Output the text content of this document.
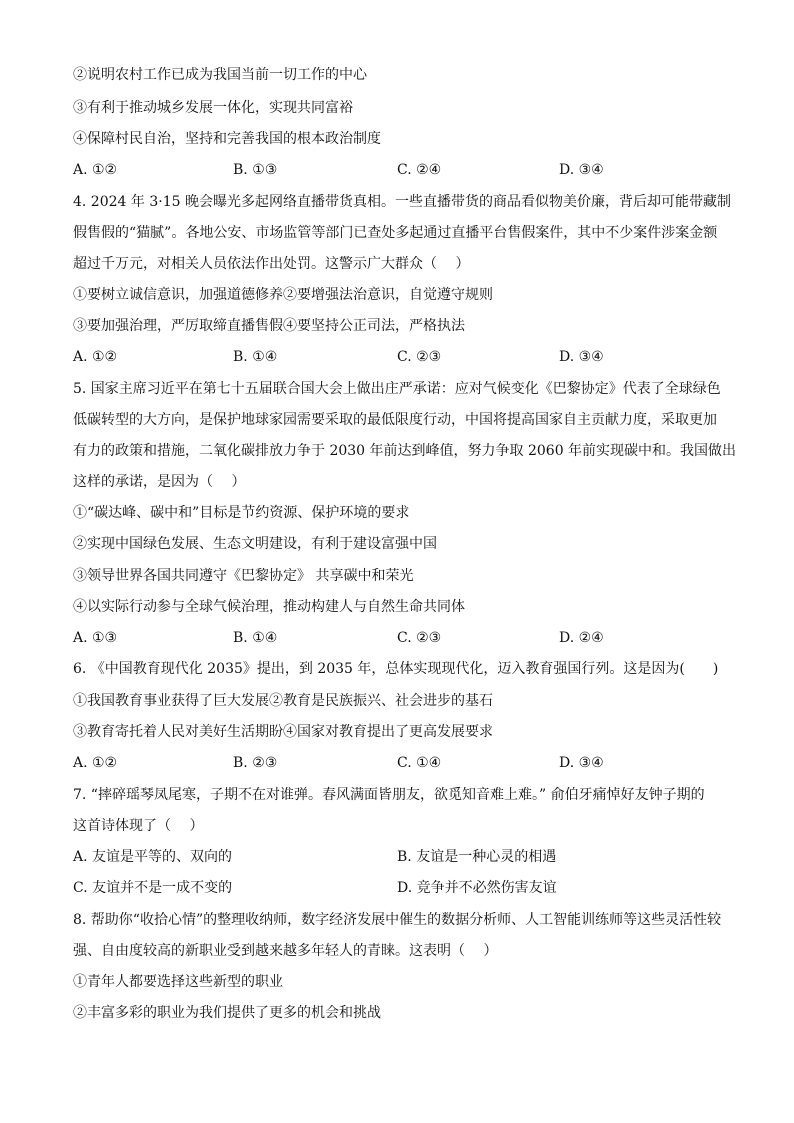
②说明农村工作已成为我国当前一切工作的中心
③有利于推动城乡发展一体化，实现共同富裕
④保障村民自治，坚持和完善我国的根本政治制度
A. ①②	B. ①③	C. ②④	D. ③④
4. 2024 年 3·15 晚会曝光多起网络直播带货真相。一些直播带货的商品看似物美价廉，背后却可能带藏制
假售假的“猫腻”。各地公安、市场监管等部门已查处多起通过直播平台售假案件，其中不少案件涉案金额
超过千万元，对相关人员依法作出处罚。这警示广大群众（　 ）
①要树立诚信意识，加强道德修养②要增强法治意识，自觉遵守规则
③要加强治理，严厉取缔直播售假④要坚持公正司法，严格执法
A. ①②	B. ①④	C. ②③	D. ③④
5. 国家主席习近平在第七十五届联合国大会上做出庄严承诺：应对气候变化《巴黎协定》代表了全球绿色
低碳转型的大方向，是保护地球家园需要采取的最低限度行动，中国将提高国家自主贡献力度，采取更加
有力的政策和措施，二氧化碳排放力争于 2030 年前达到峰值，努力争取 2060 年前实现碳中和。我国做出
这样的承诺，是因为（　 ）
①“碳达峰、碳中和”目标是节约资源、保护环境的要求
②实现中国绿色发展、生态文明建设，有利于建设富强中国
③领导世界各国共同遵守《巴黎协定》 共享碳中和荣光
④以实际行动参与全球气候治理，推动构建人与自然生命共同体
A. ①③	B. ①④	C. ②③	D. ②④
6. 《中国教育现代化 2035》提出，到 2035 年，总体实现现代化，迈入教育强国行列。这是因为(　　)
①我国教育事业获得了巨大发展②教育是民族振兴、社会进步的基石
③教育寄托着人民对美好生活期盼④国家对教育提出了更高发展要求
A. ①②	B. ②③	C. ①④	D. ③④
7. “摔碎瑶琴凤尾寒，子期不在对谁弹。春风满面皆朋友，欲觅知音难上难。” 俞伯牙痛悼好友钟子期的
这首诗体现了（　 ）
A. 友谊是平等的、双向的	B. 友谊是一种心灵的相遇
C. 友谊并不是一成不变的	D. 竞争并不必然伤害友谊
8. 帮助你“收拾心情”的整理收纳师，数字经济发展中催生的数据分析师、人工智能训练师等这些灵活性较
强、自由度较高的新职业受到越来越多年轻人的青睐。这表明（　 ）
①青年人都要选择这些新型的职业
②丰富多彩的职业为我们提供了更多的机会和挑战
